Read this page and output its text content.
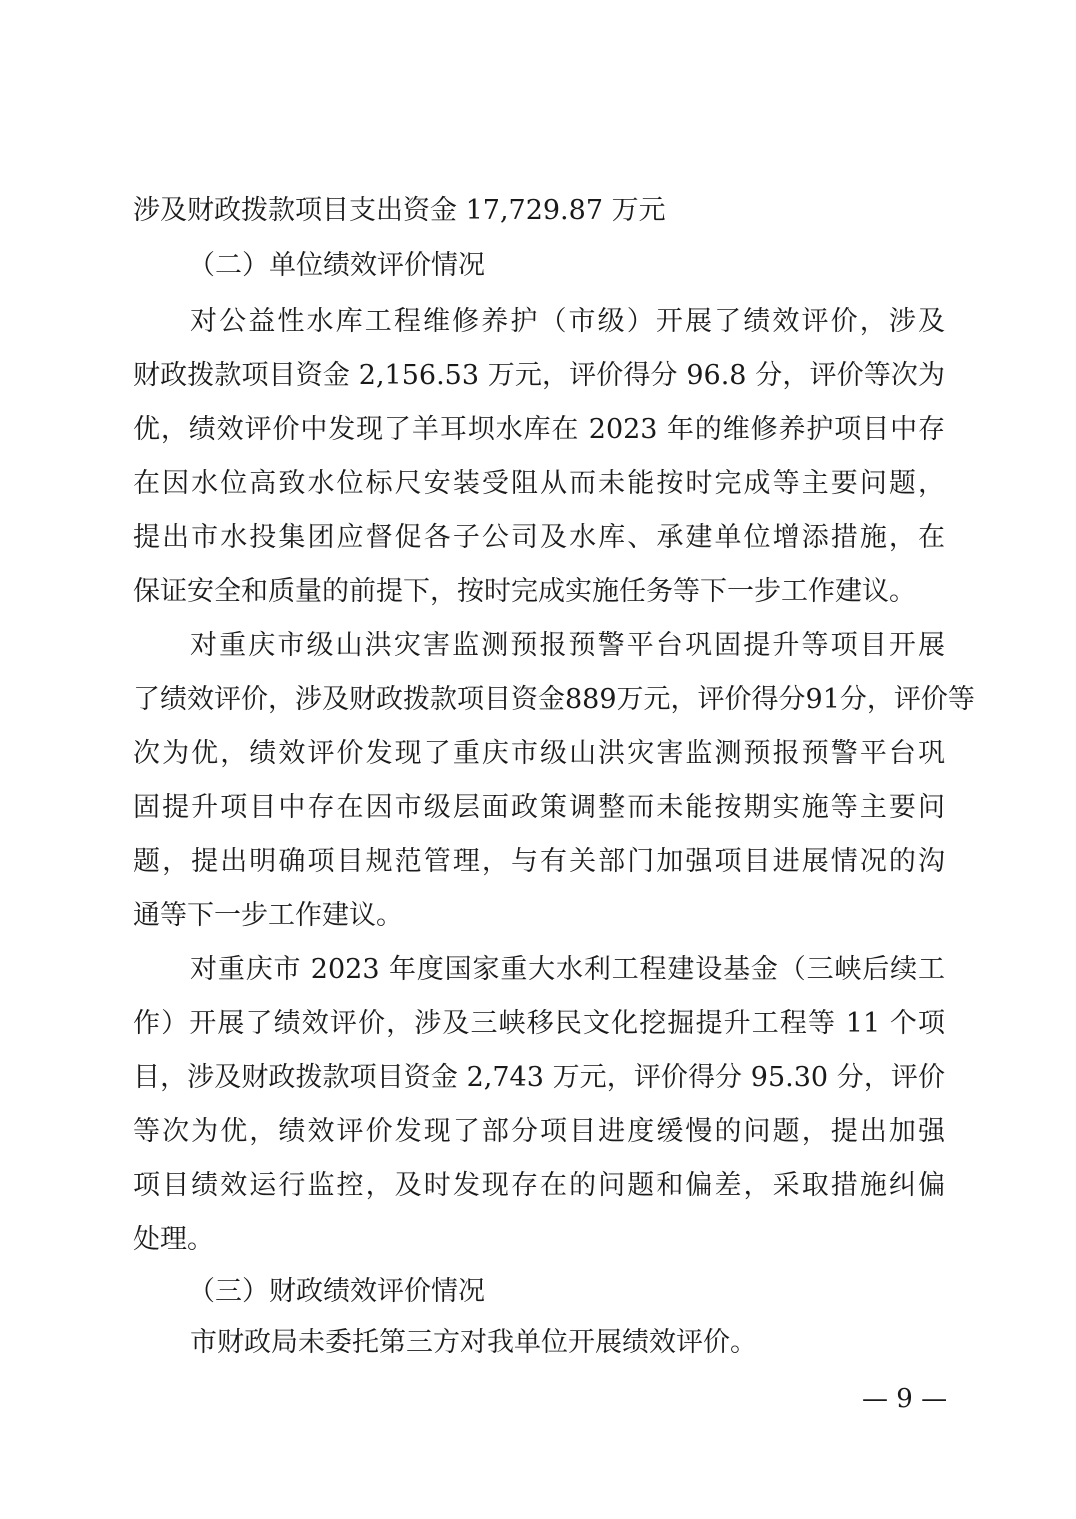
涉及财政拨款项目支出资金 17,729.87 万元
（二）单位绩效评价情况
对公益性水库工程维修养护（市级）开展了绩效评价，涉及
财政拨款项目资金 2,156.53 万元，评价得分 96.8 分，评价等次为
优，绩效评价中发现了羊耳坝水库在 2023 年的维修养护项目中存
在因水位高致水位标尺安装受阻从而未能按时完成等主要问题，
提出市水投集团应督促各子公司及水库、承建单位增添措施，在
保证安全和质量的前提下，按时完成实施任务等下一步工作建议。
对重庆市级山洪灾害监测预报预警平台巩固提升等项目开展
了绩效评价，涉及财政拨款项目资金889万元，评价得分91分，评价等
次为优，绩效评价发现了重庆市级山洪灾害监测预报预警平台巩
固提升项目中存在因市级层面政策调整而未能按期实施等主要问
题，提出明确项目规范管理，与有关部门加强项目进展情况的沟
通等下一步工作建议。
对重庆市 2023 年度国家重大水利工程建设基金（三峡后续工
作）开展了绩效评价，涉及三峡移民文化挖掘提升工程等 11 个项
目，涉及财政拨款项目资金 2,743 万元，评价得分 95.30 分，评价
等次为优，绩效评价发现了部分项目进度缓慢的问题，提出加强
项目绩效运行监控，及时发现存在的问题和偏差，采取措施纠偏
处理。
（三）财政绩效评价情况
市财政局未委托第三方对我单位开展绩效评价。
— 9 —
